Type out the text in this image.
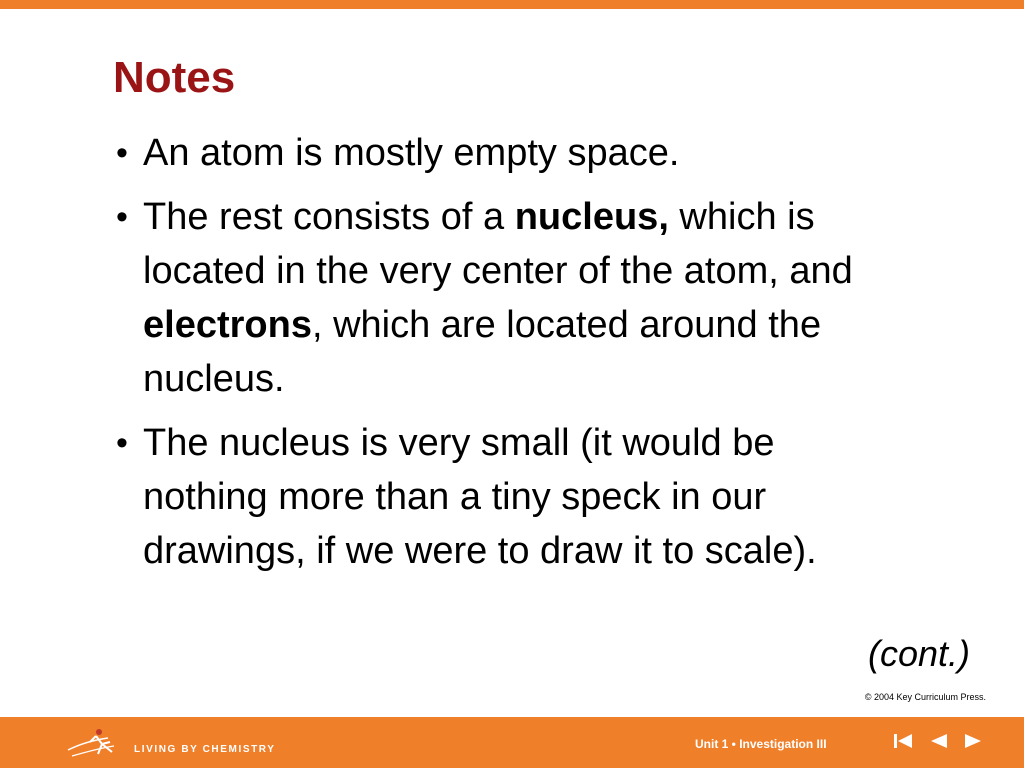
Notes
• An atom is mostly empty space.
• The rest consists of a nucleus, which is located in the very center of the atom, and electrons, which are located around the nucleus.
• The nucleus is very small (it would be nothing more than a tiny speck in our drawings, if we were to draw it to scale).
(cont.)
© 2004 Key Curriculum Press.
LIVING BY CHEMISTRY	Unit 1 • Investigation III
